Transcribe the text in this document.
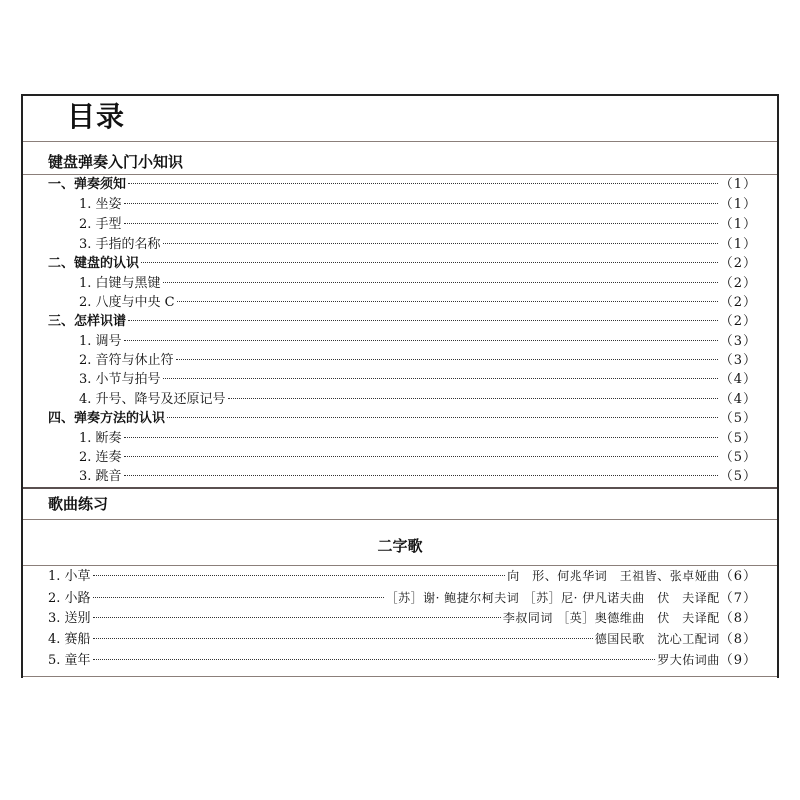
目录
键盘弹奏入门小知识
一、弹奏须知	（1）
1. 坐姿	（1）
2. 手型	（1）
3. 手指的名称	（1）
二、键盘的认识	（2）
1. 白键与黑键	（2）
2. 八度与中央 C	（2）
三、怎样识谱	（2）
1. 调号	（3）
2. 音符与休止符	（3）
3. 小节与拍号	（4）
4. 升号、降号及还原记号	（4）
四、弹奏方法的认识	（5）
1. 断奏	（5）
2. 连奏	（5）
3. 跳音	（5）
歌曲练习
二字歌
1. 小草	向　形、何兆华词　王祖皆、张卓娅曲 （6）
2. 小路	［苏］谢· 鲍捷尔柯夫词 ［苏］尼· 伊凡诺夫曲　伏　夫译配 （7）
3. 送别	李叔同词 ［英］奥德维曲　伏　夫译配 （8）
4. 赛船	德国民歌　沈心工配词 （8）
5. 童年	罗大佑词曲 （9）
